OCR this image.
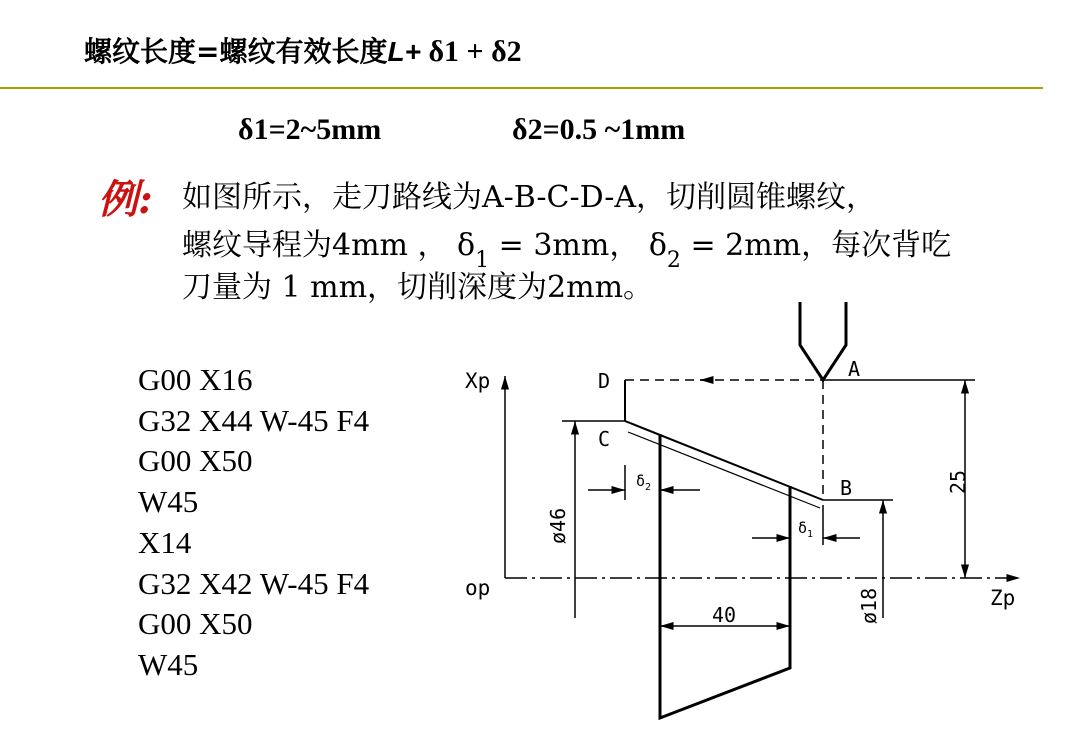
螺纹长度=螺纹有效长度L+ δ1 + δ2
δ1=2~5mm	δ2=0.5 ~1mm
例: 如图所示，走刀路线为A-B-C-D-A，切削圆锥螺纹，
螺纹导程为4mm ， $\delta_1 = 3mm$， $\delta_2 = 2mm$，每次背吃
刀量为 1 mm，切削深度为2mm。
G00 X16
G32 X44 W-45 F4
G00 X50
W45
X14
G32 X42 W-45 F4
G00 X50
W45
Xp
Zp
op
A
B
C
D
25
ø46
ø18
40
$\delta_2$
$\delta_1$
